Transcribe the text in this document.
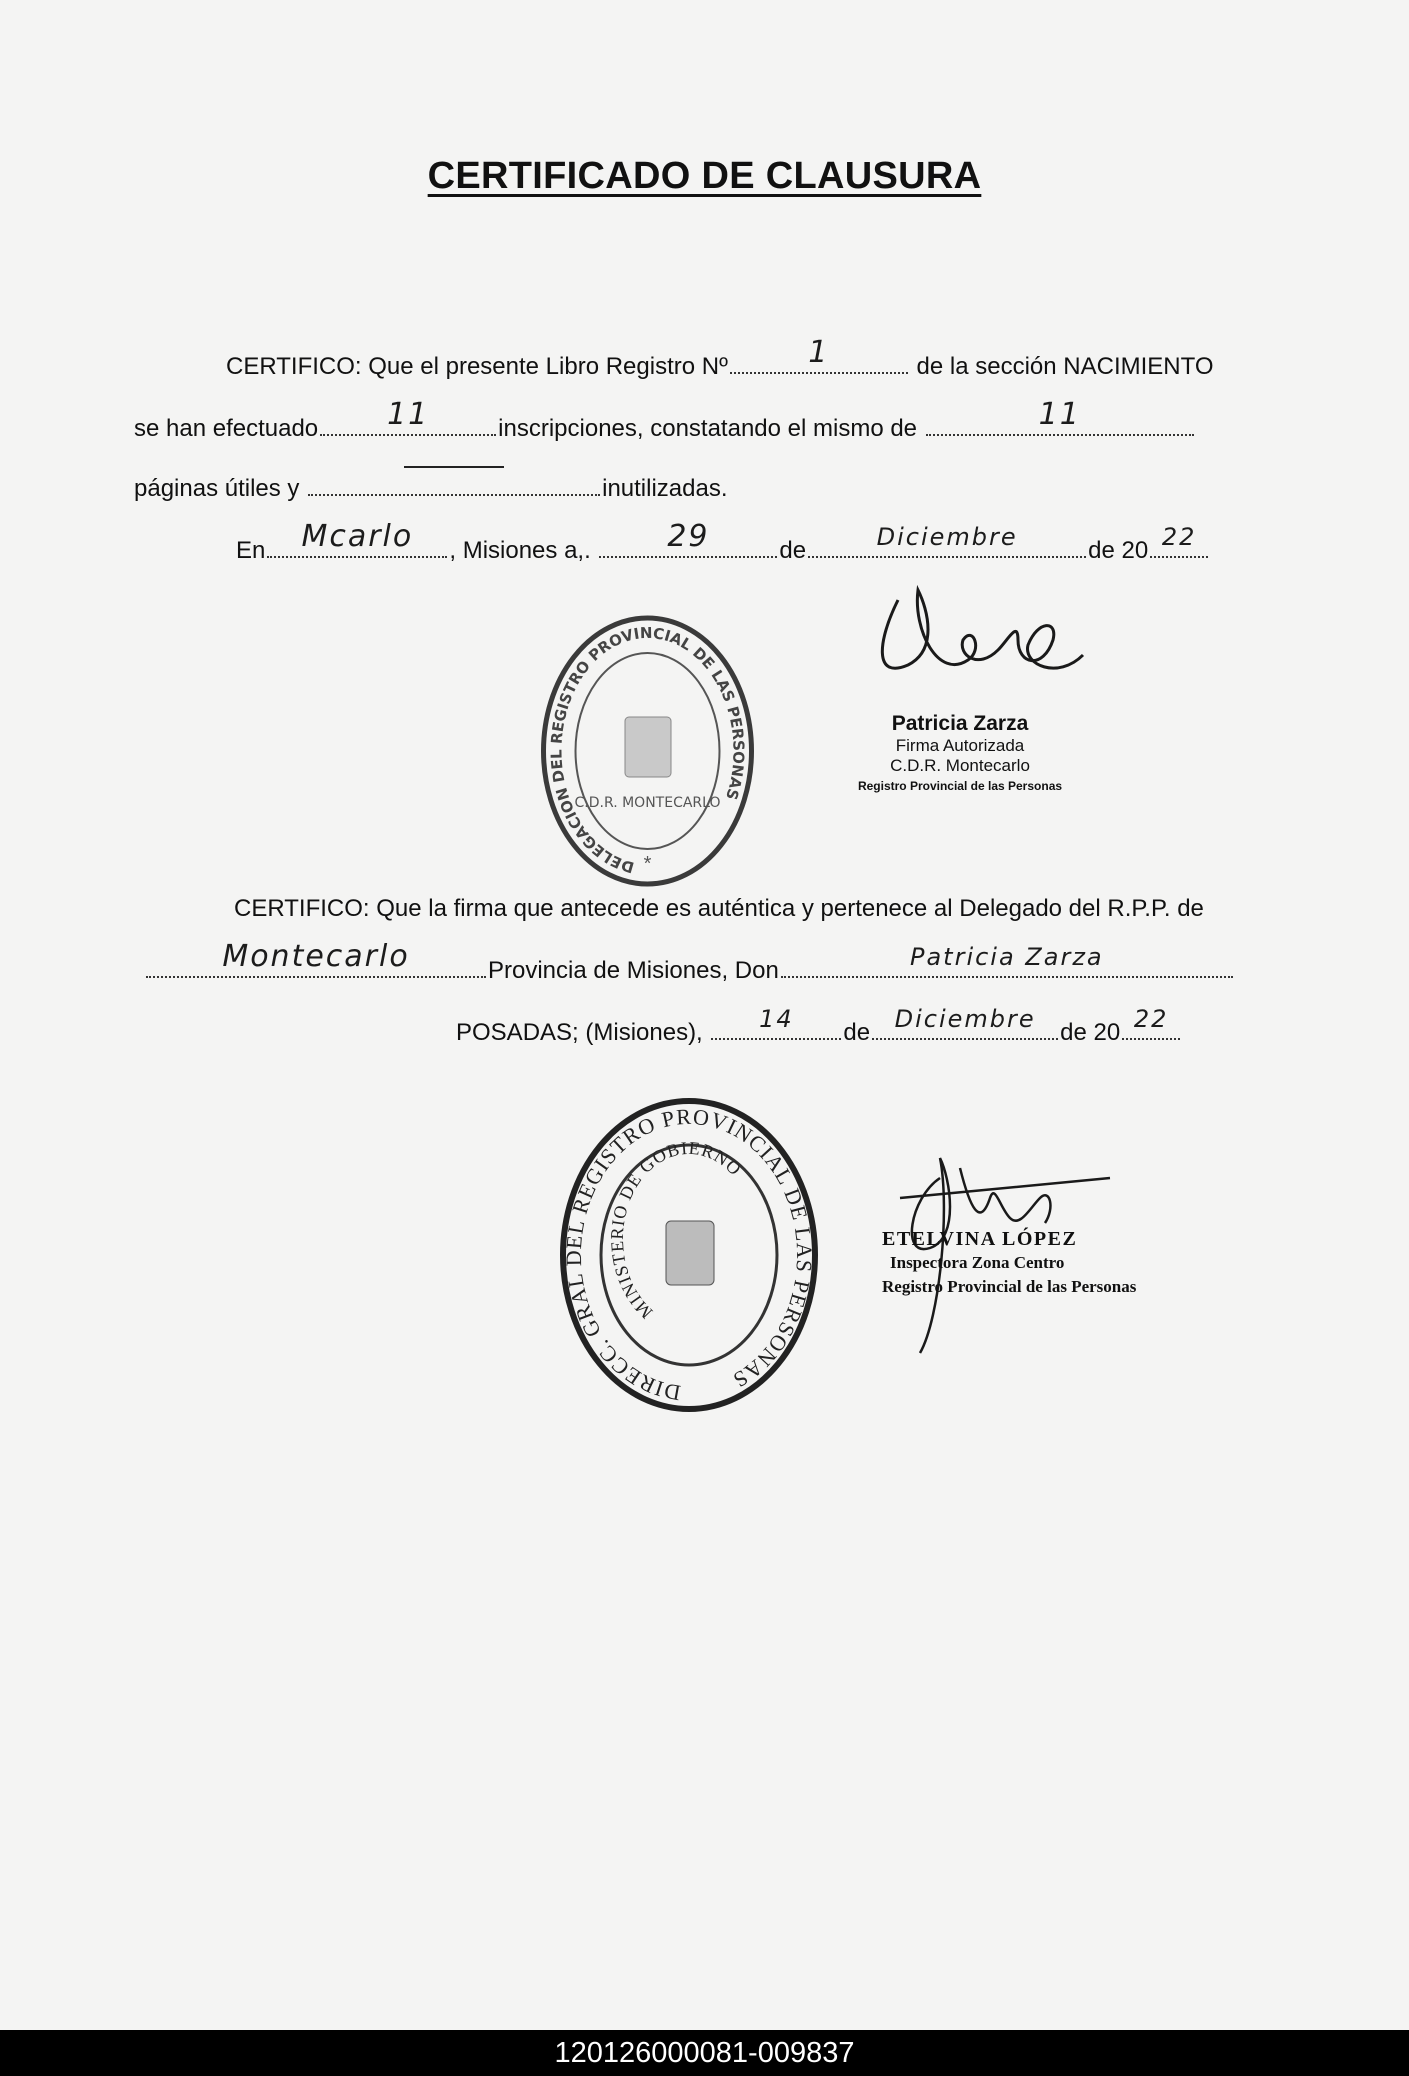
CERTIFICADO DE CLAUSURA
CERTIFICO: Que el presente Libro Registro Nº	1	de la sección NACIMIENTO
se han efectuado	11	inscripciones, constatando el mismo de	11
páginas útiles y	inutilizadas.
En	Mcarlo	, Misiones a,.	29	de	Diciembre	de 20 22
DELEGACION DEL REGISTRO PROVINCIAL DE LAS PERSONAS
C.D.R. MONTECARLO
*
Patricia Zarza
Firma Autorizada
C.D.R. Montecarlo
Registro Provincial de las Personas
CERTIFICO: Que la firma que antecede es auténtica y pertenece al Delegado del R.P.P. de
Montecarlo	Provincia de Misiones, Don	Patricia Zarza
POSADAS; (Misiones),	14	de	Diciembre	de 20 22
DIRECC. GRAL DEL REGISTRO PROVINCIAL DE LAS PERSONAS
MINISTERIO DE GOBIERNO
ETELVINA LÓPEZ
Inspectora Zona Centro
Registro Provincial de las Personas
120126000081-009837
